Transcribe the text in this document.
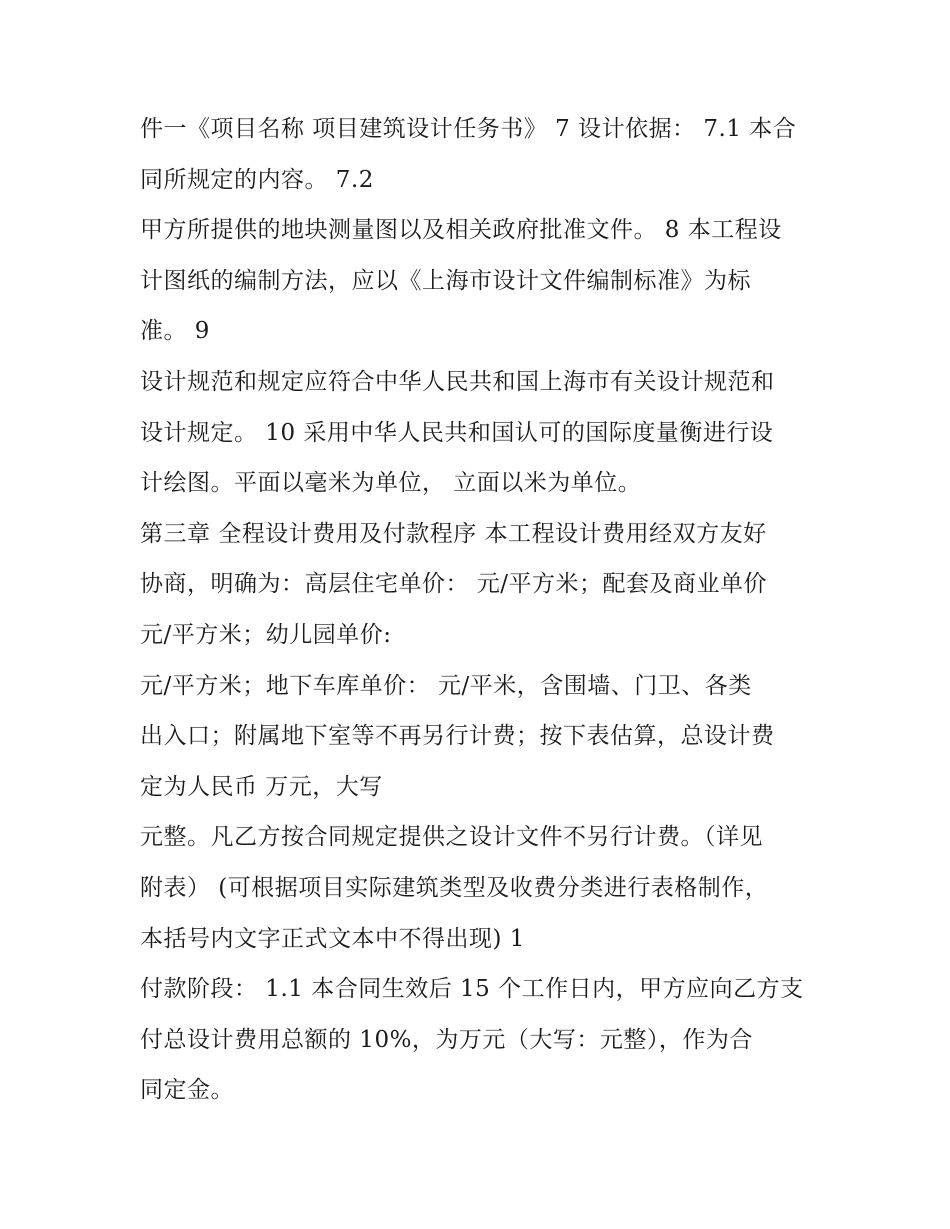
件一《项目名称 项目建筑设计任务书》 7 设计依据： 7.1 本合
同所规定的内容。 7.2
甲方所提供的地块测量图以及相关政府批准文件。 8 本工程设
计图纸的编制方法，应以《上海市设计文件编制标准》为标
准。 9
设计规范和规定应符合中华人民共和国上海市有关设计规范和
设计规定。 10 采用中华人民共和国认可的国际度量衡进行设
计绘图。平面以毫米为单位， 立面以米为单位。
第三章 全程设计费用及付款程序 本工程设计费用经双方友好
协商，明确为：高层住宅单价： 元/平方米；配套及商业单价
元/平方米；幼儿园单价:
元/平方米；地下车库单价： 元/平米，含围墙、门卫、各类
出入口；附属地下室等不再另行计费；按下表估算，总设计费
定为人民币 万元，大写
元整。凡乙方按合同规定提供之设计文件不另行计费。（详见
附表） (可根据项目实际建筑类型及收费分类进行表格制作，
本括号内文字正式文本中不得出现) 1
付款阶段： 1.1 本合同生效后 15 个工作日内，甲方应向乙方支
付总设计费用总额的 10%，为万元（大写：元整），作为合
同定金。
